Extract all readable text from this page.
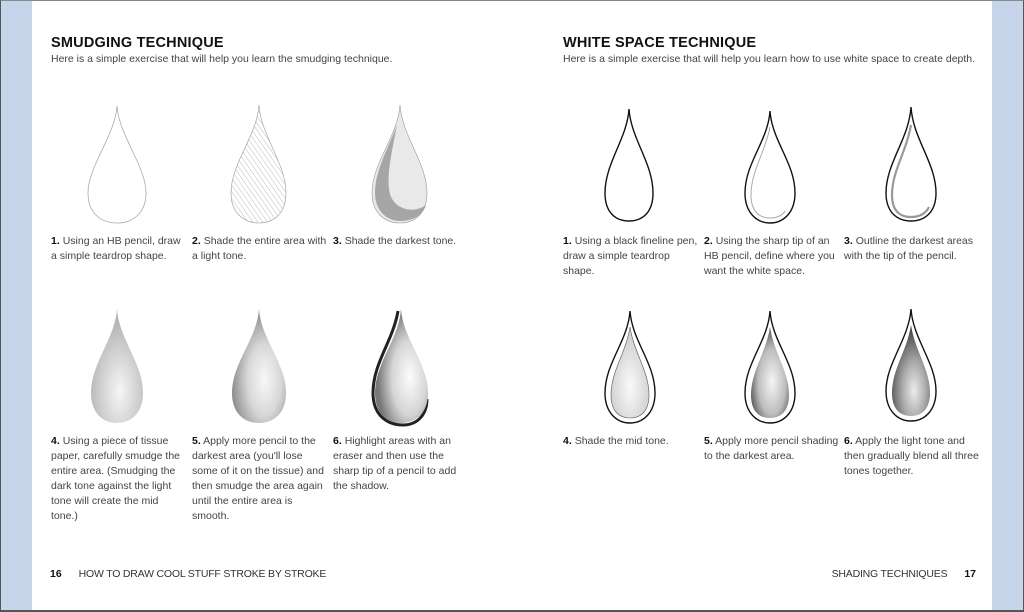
SMUDGING TECHNIQUE
Here is a simple exercise that will help you learn the smudging technique.
1. Using an HB pencil, draw a simple teardrop shape.
2. Shade the entire area with a light tone.
3. Shade the darkest tone.
4. Using a piece of tissue paper, carefully smudge the entire area. (Smudging the dark tone against the light tone will create the mid tone.)
5. Apply more pencil to the darkest area (you'll lose some of it on the tissue) and then smudge the area again until the entire area is smooth.
6. Highlight areas with an eraser and then use the sharp tip of a pencil to add the shadow.
16 HOW TO DRAW COOL STUFF STROKE BY STROKE
WHITE SPACE TECHNIQUE
Here is a simple exercise that will help you learn how to use white space to create depth.
1. Using a black fineline pen, draw a simple teardrop shape.
2. Using the sharp tip of an HB pencil, define where you want the white space.
3. Outline the darkest areas with the tip of the pencil.
4. Shade the mid tone.	5. Apply more pencil shading to the darkest area.
6. Apply the light tone and then gradually blend all three tones together.
SHADING TECHNIQUES 17
